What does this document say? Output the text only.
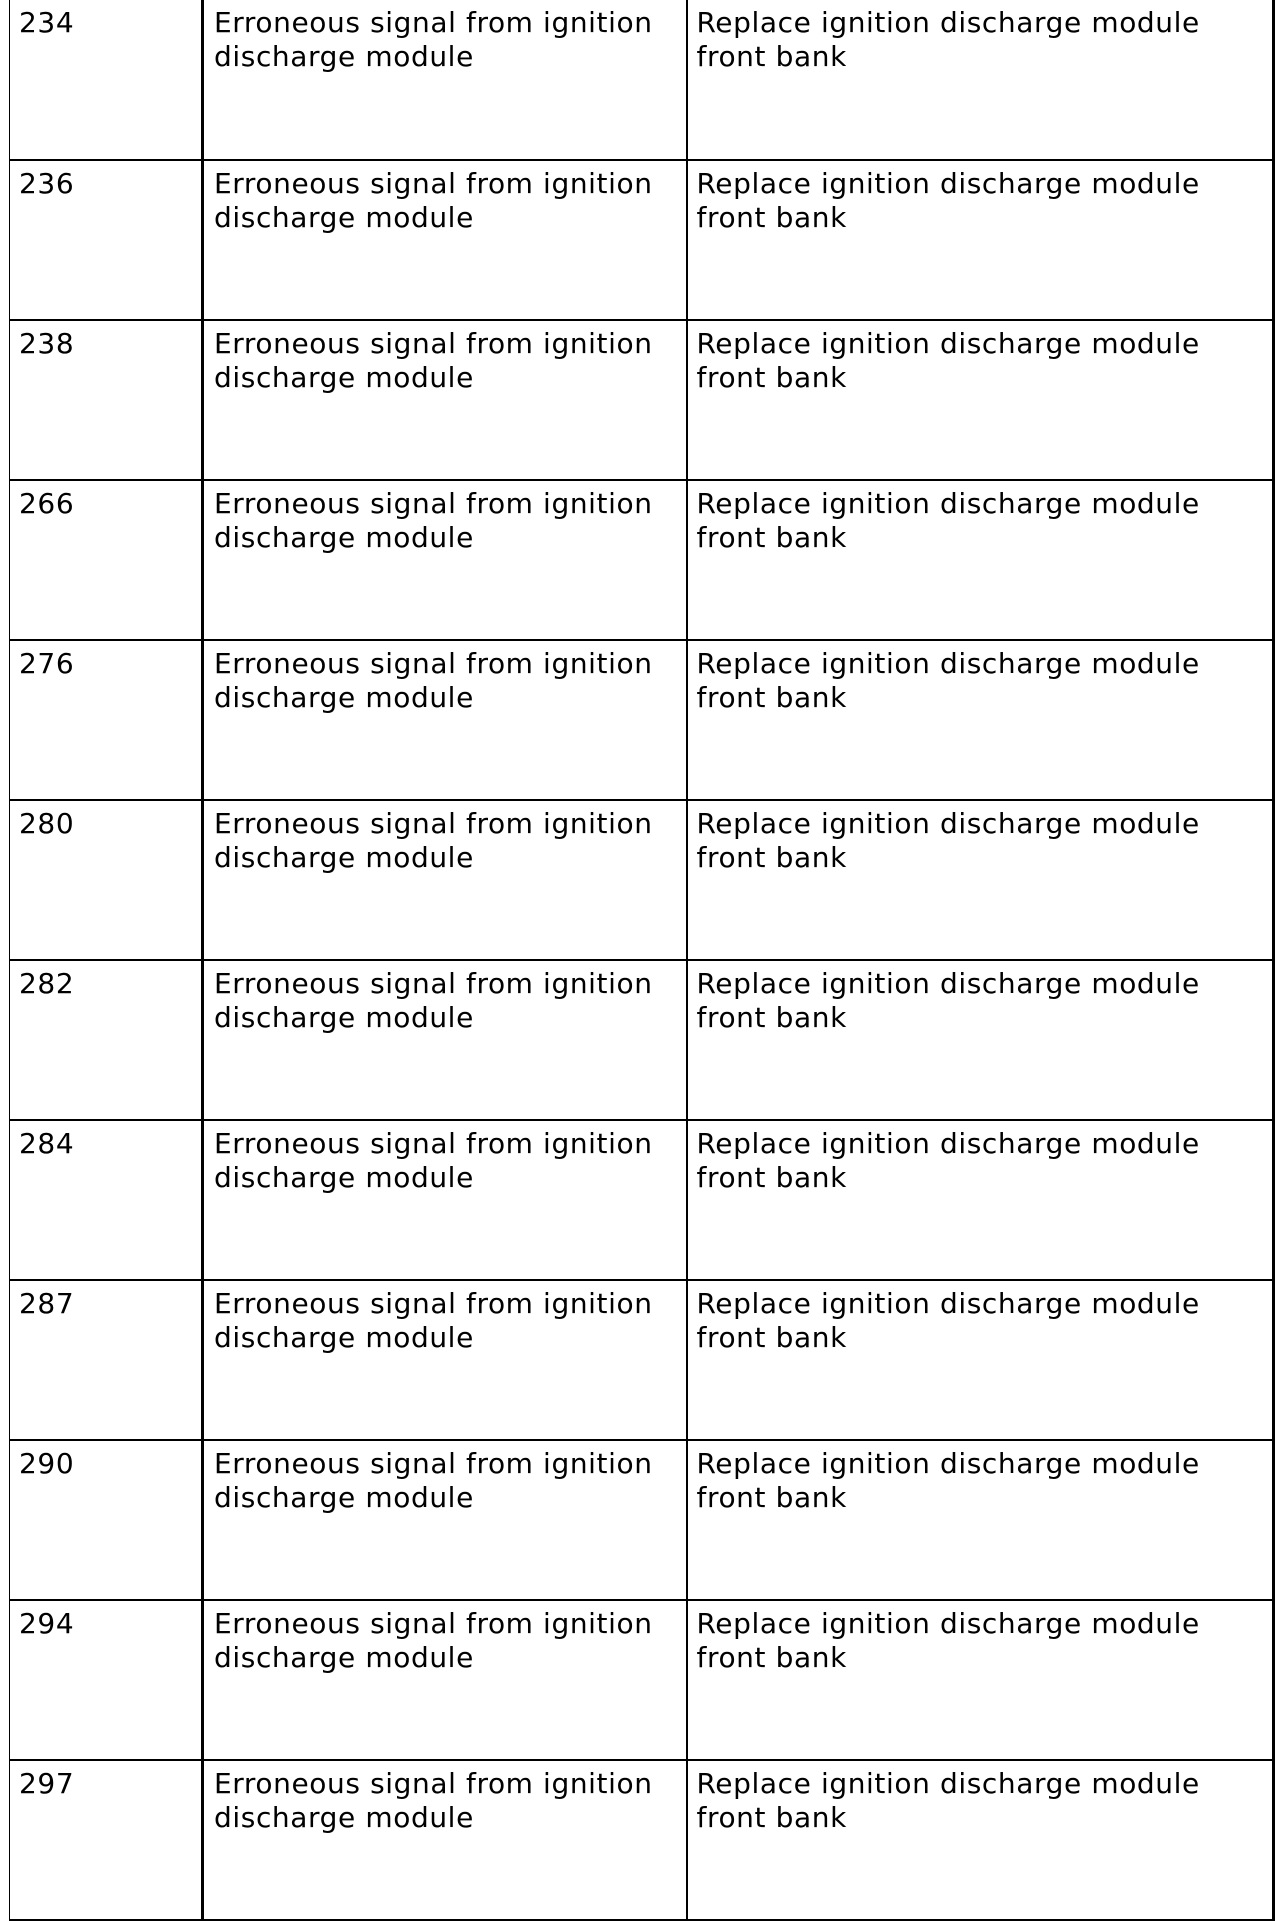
234	Erroneous signal from ignition discharge module	Replace ignition discharge module front bank
236	Erroneous signal from ignition discharge module	Replace ignition discharge module front bank
238	Erroneous signal from ignition discharge module	Replace ignition discharge module front bank
266	Erroneous signal from ignition discharge module	Replace ignition discharge module front bank
276	Erroneous signal from ignition discharge module	Replace ignition discharge module front bank
280	Erroneous signal from ignition discharge module	Replace ignition discharge module front bank
282	Erroneous signal from ignition discharge module	Replace ignition discharge module front bank
284	Erroneous signal from ignition discharge module	Replace ignition discharge module front bank
287	Erroneous signal from ignition discharge module	Replace ignition discharge module front bank
290	Erroneous signal from ignition discharge module	Replace ignition discharge module front bank
294	Erroneous signal from ignition discharge module	Replace ignition discharge module front bank
297	Erroneous signal from ignition discharge module	Replace ignition discharge module front bank
